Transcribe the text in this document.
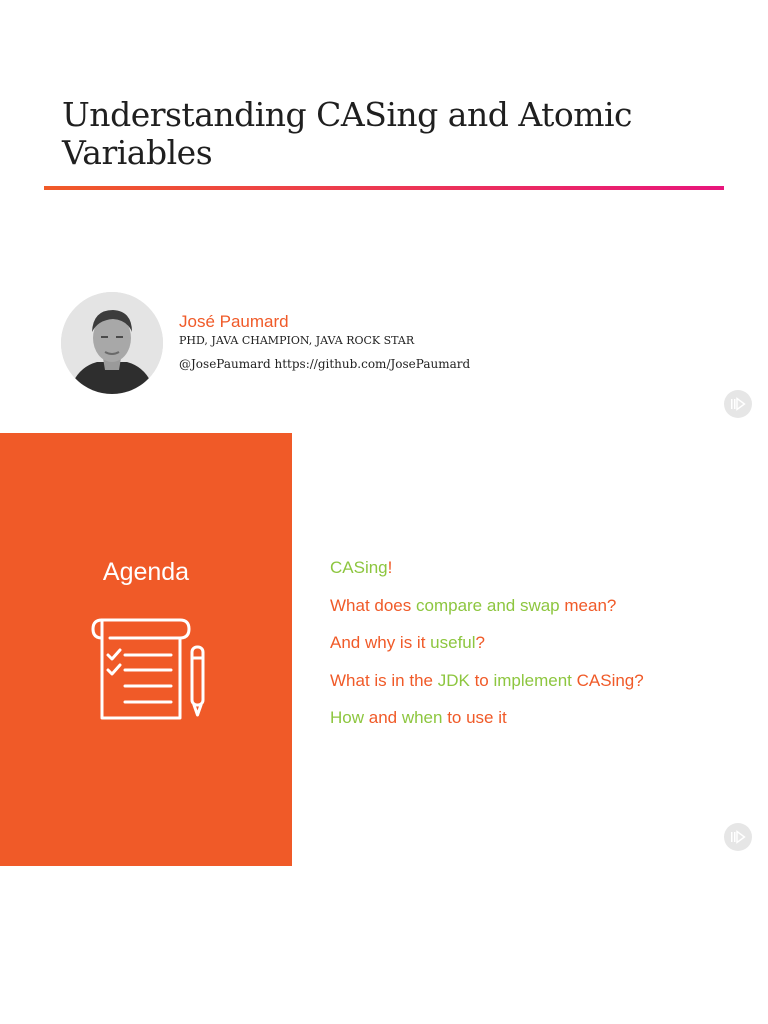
Understanding CASing and Atomic Variables
José Paumard
PHD, JAVA CHAMPION, JAVA ROCK STAR
@JosePaumard https://github.com/JosePaumard
Agenda	CASing!
What does compare and swap mean?
And why is it useful?
What is in the JDK to implement CASing?
How and when to use it
